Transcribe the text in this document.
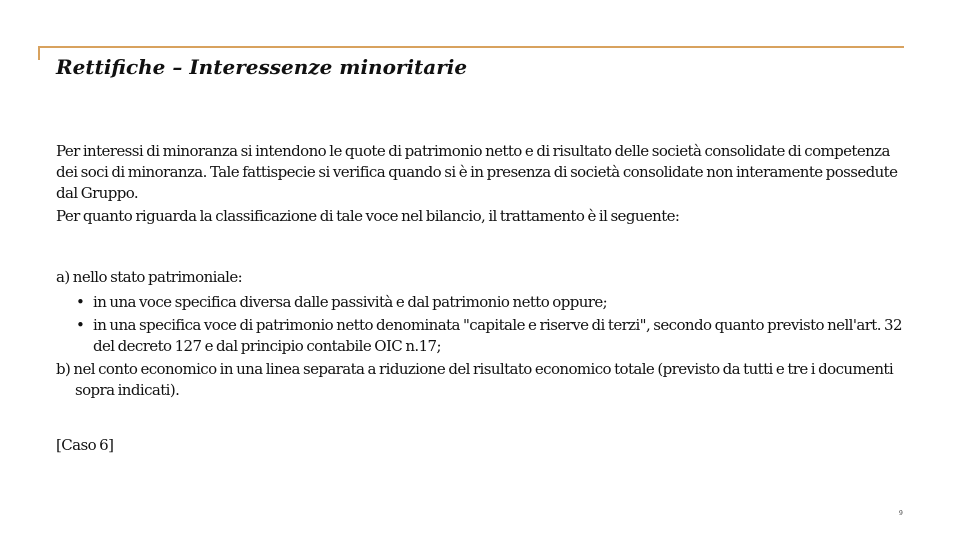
Rettifiche – Interessenze minoritarie

Per interessi di minoranza si intendono le quote di patrimonio netto e di risultato delle società consolidate di competenza dei soci di minoranza. Tale fattispecie si verifica quando si è in presenza di società consolidate non interamente possedute dal Gruppo.

Per quanto riguarda la classificazione di tale voce nel bilancio, il trattamento è il seguente:

a) nello stato patrimoniale:

• in una voce specifica diversa dalle passività e dal patrimonio netto oppure;
• in una specifica voce di patrimonio netto denominata "capitale e riserve di terzi", secondo quanto previsto nell'art. 32 del decreto 127 e dal principio contabile OIC n.17;

b) nel conto economico in una linea separata a riduzione del risultato economico totale (previsto da tutti e tre i documenti sopra indicati).

[Caso 6]

9
